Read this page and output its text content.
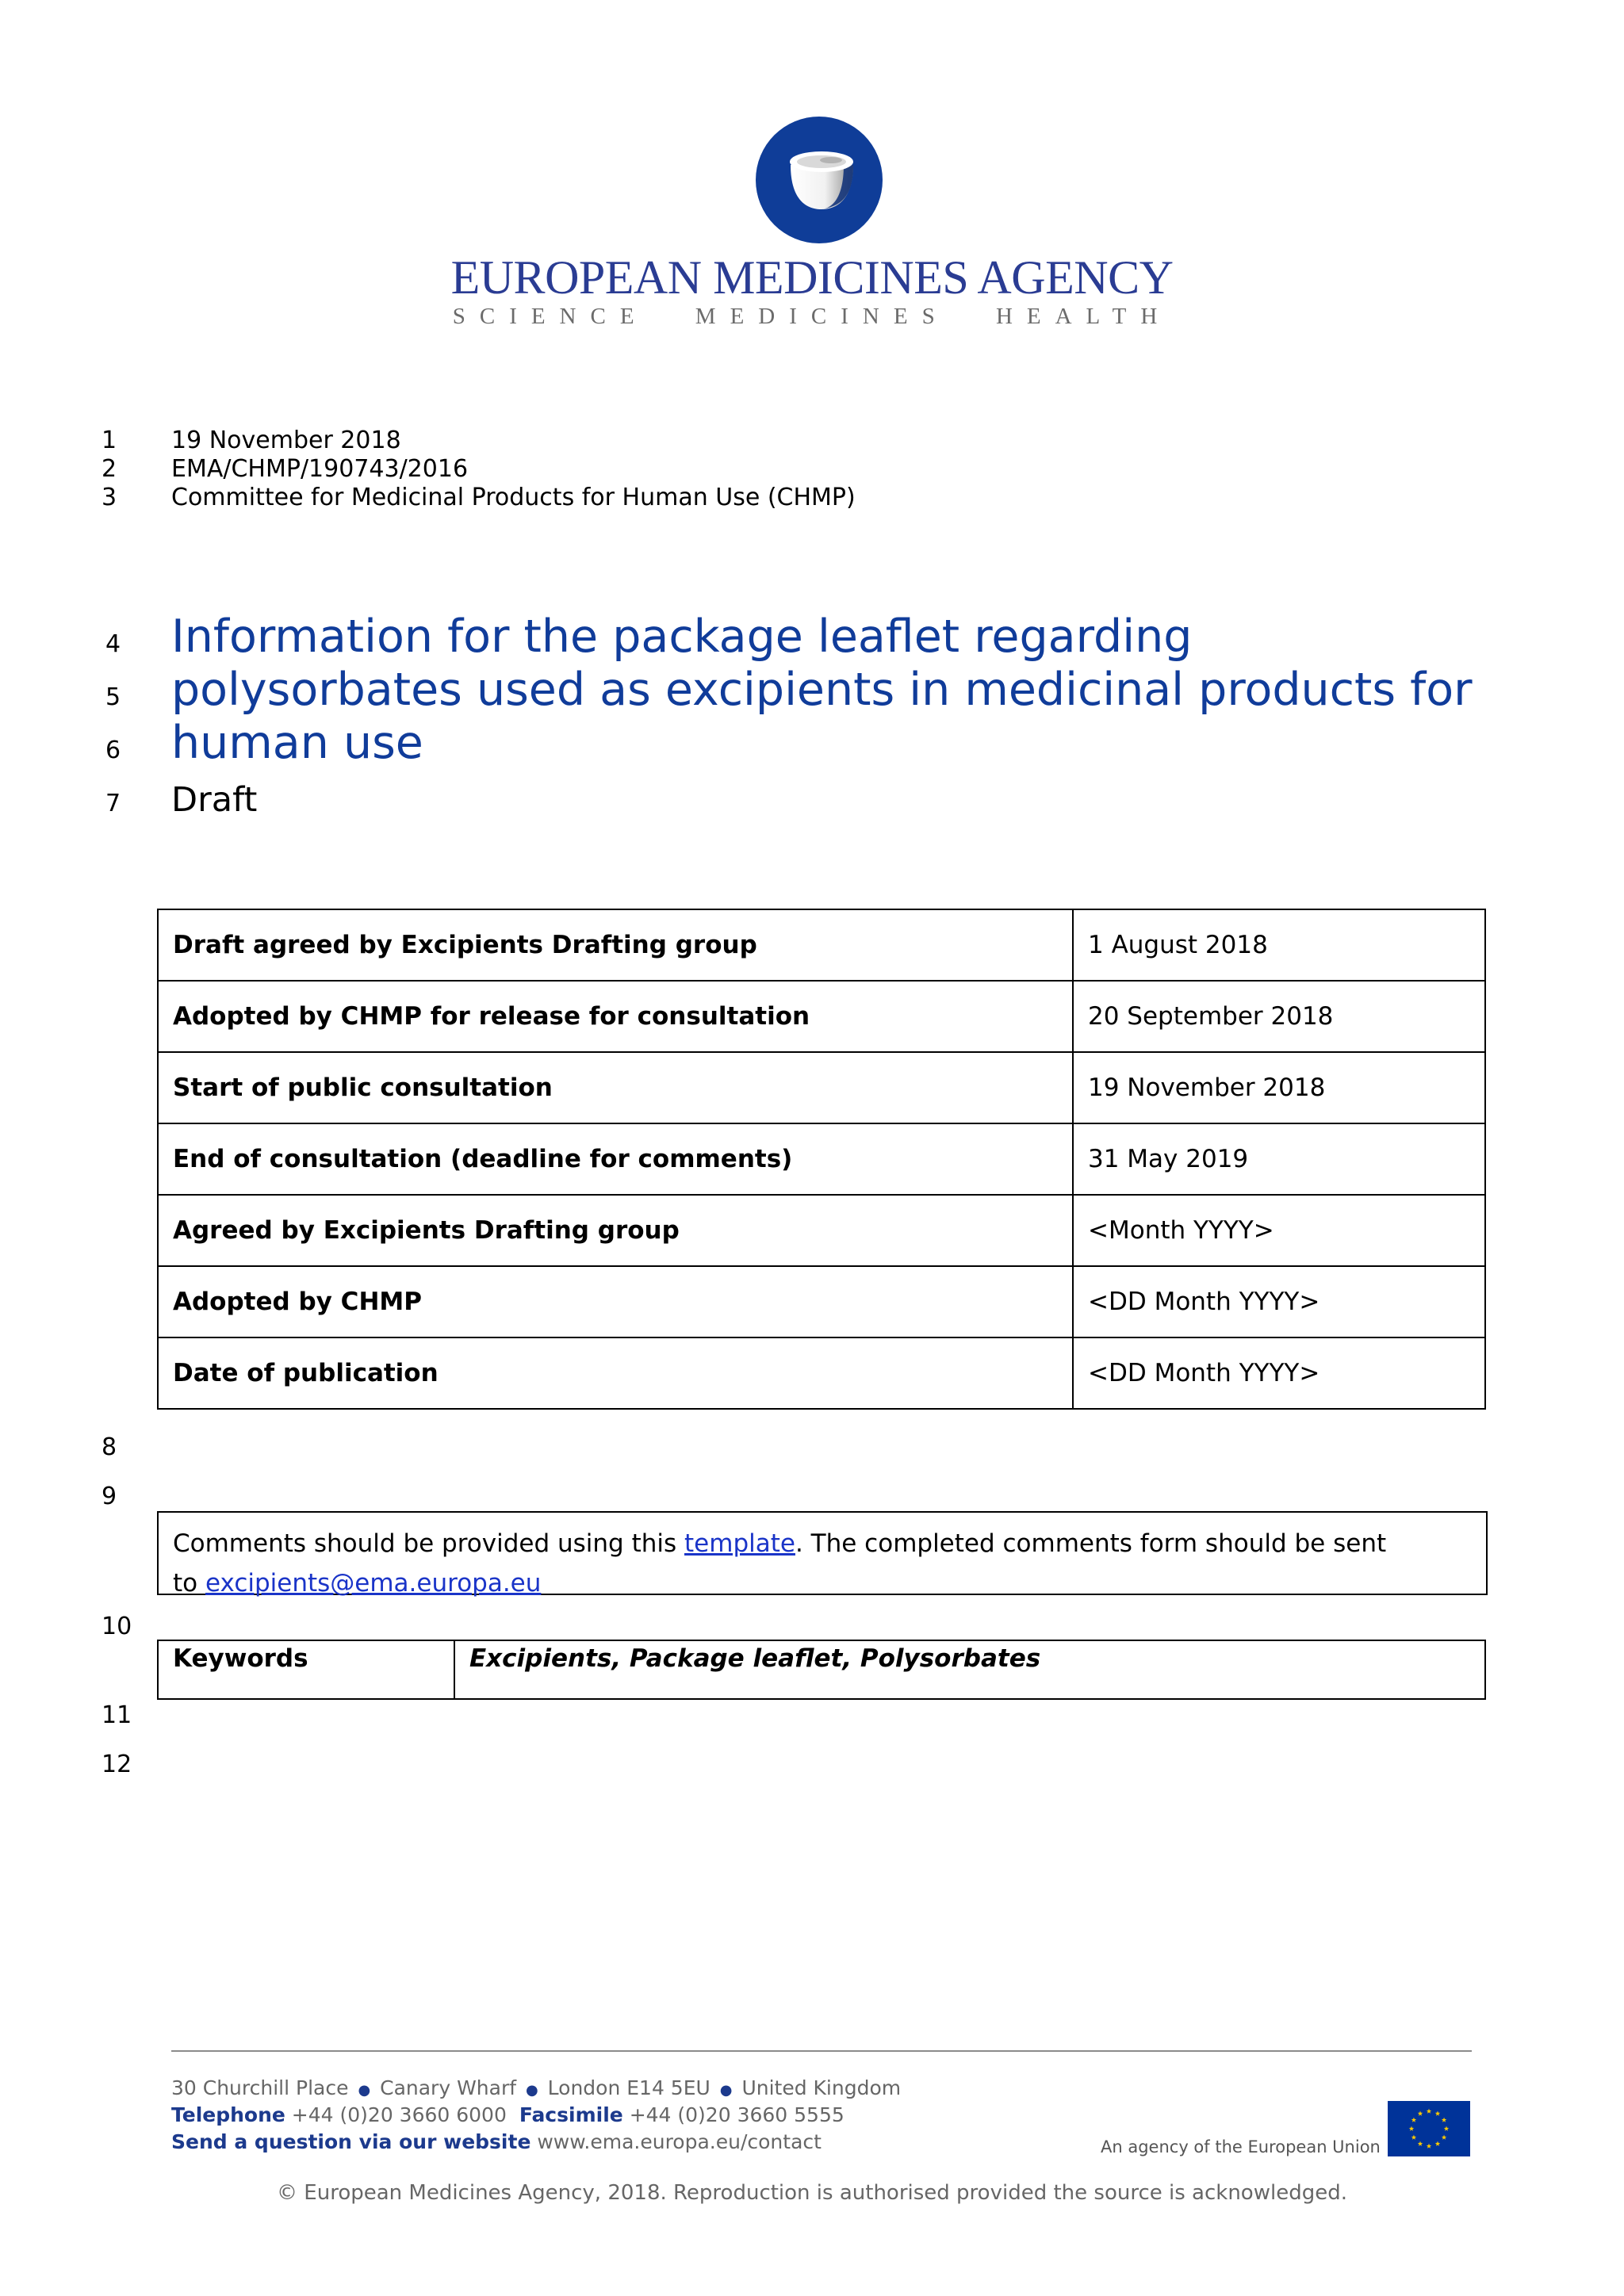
EUROPEAN MEDICINES AGENCY
SCIENCE MEDICINES HEALTH
1	19 November 2018
2	EMA/CHMP/190743/2016
3	Committee for Medicinal Products for Human Use (CHMP)
4 Information for the package leaflet regarding
5 polysorbates used as excipients in medicinal products for
6 human use
7 Draft
Draft agreed by Excipients Drafting group	1 August 2018
Adopted by CHMP for release for consultation	20 September 2018
Start of public consultation	19 November 2018
End of consultation (deadline for comments)	31 May 2019
Agreed by Excipients Drafting group	<Month YYYY>
Adopted by CHMP	<DD Month YYYY>
Date of publication	<DD Month YYYY>
8
9
Comments should be provided using this template. The completed comments form should be sent
to excipients@ema.europa.eu
10
Keywords	Excipients, Package leaflet, Polysorbates
11
12
30 Churchill Place ● Canary Wharf ● London E14 5EU ● United Kingdom
Telephone +44 (0)20 3660 6000 Facsimile +44 (0)20 3660 5555
Send a question via our website www.ema.europa.eu/contact	An agency of the European Union
© European Medicines Agency, 2018. Reproduction is authorised provided the source is acknowledged.
